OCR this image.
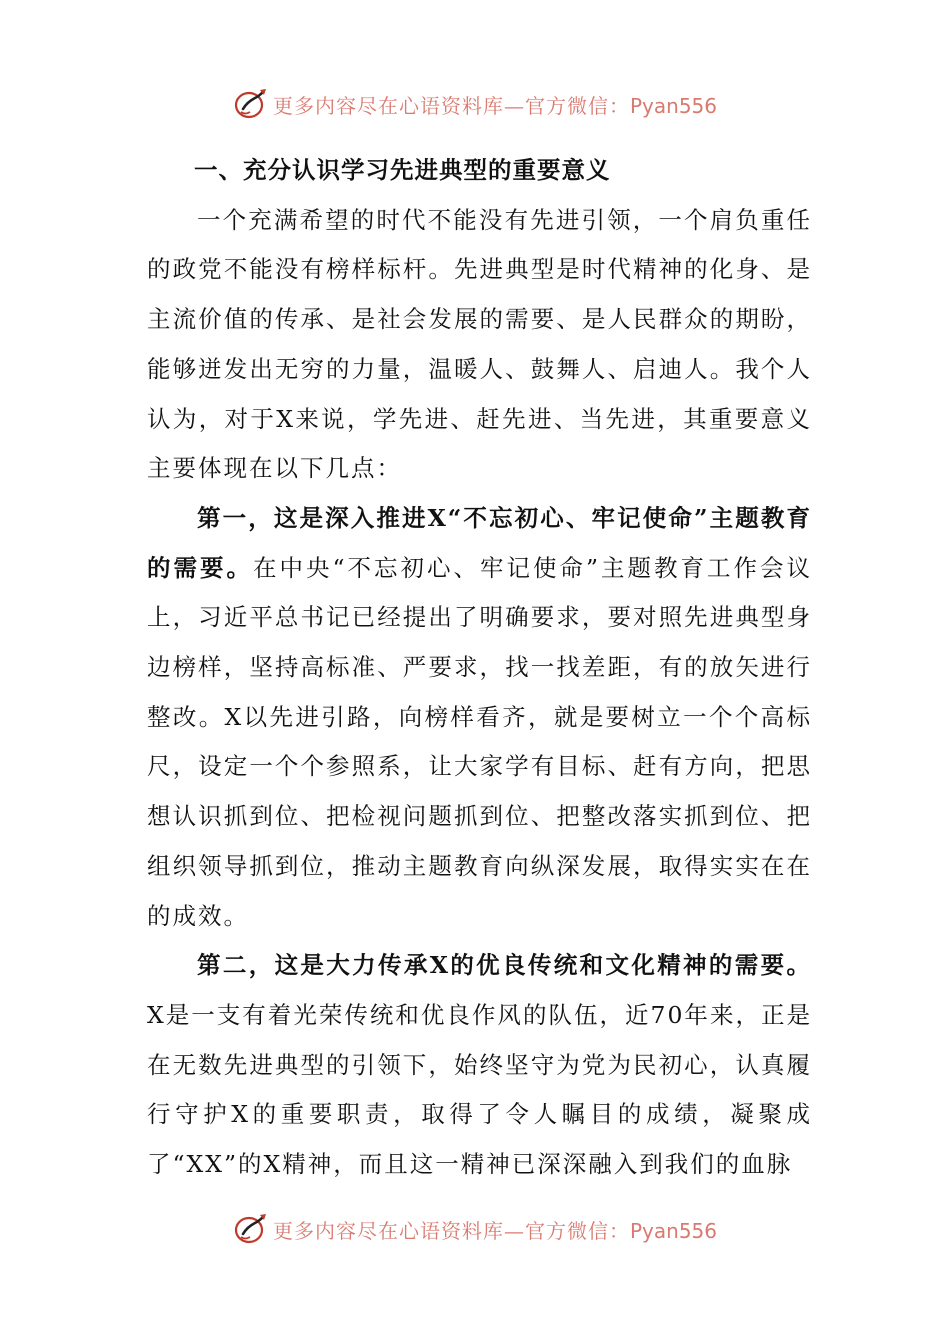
更多内容尽在心语资料库—官方微信：Pyan556

一、充分认识学习先进典型的重要意义

一个充满希望的时代不能没有先进引领，一个肩负重任的政党不能没有榜样标杆。先进典型是时代精神的化身、是主流价值的传承、是社会发展的需要、是人民群众的期盼，能够迸发出无穷的力量，温暖人、鼓舞人、启迪人。我个人认为，对于X来说，学先进、赶先进、当先进，其重要意义主要体现在以下几点：

第一，这是深入推进X“不忘初心、牢记使命”主题教育的需要。在中央“不忘初心、牢记使命”主题教育工作会议上，习近平总书记已经提出了明确要求，要对照先进典型身边榜样，坚持高标准、严要求，找一找差距，有的放矢进行整改。X以先进引路，向榜样看齐，就是要树立一个个高标尺，设定一个个参照系，让大家学有目标、赶有方向，把思想认识抓到位、把检视问题抓到位、把整改落实抓到位、把组织领导抓到位，推动主题教育向纵深发展，取得实实在在的成效。

第二，这是大力传承X的优良传统和文化精神的需要。X是一支有着光荣传统和优良作风的队伍，近70年来，正是在无数先进典型的引领下，始终坚守为党为民初心，认真履行守护X的重要职责，取得了令人瞩目的成绩，凝聚成了“XX”的X精神，而且这一精神已深深融入到我们的血脉

更多内容尽在心语资料库—官方微信：Pyan556
